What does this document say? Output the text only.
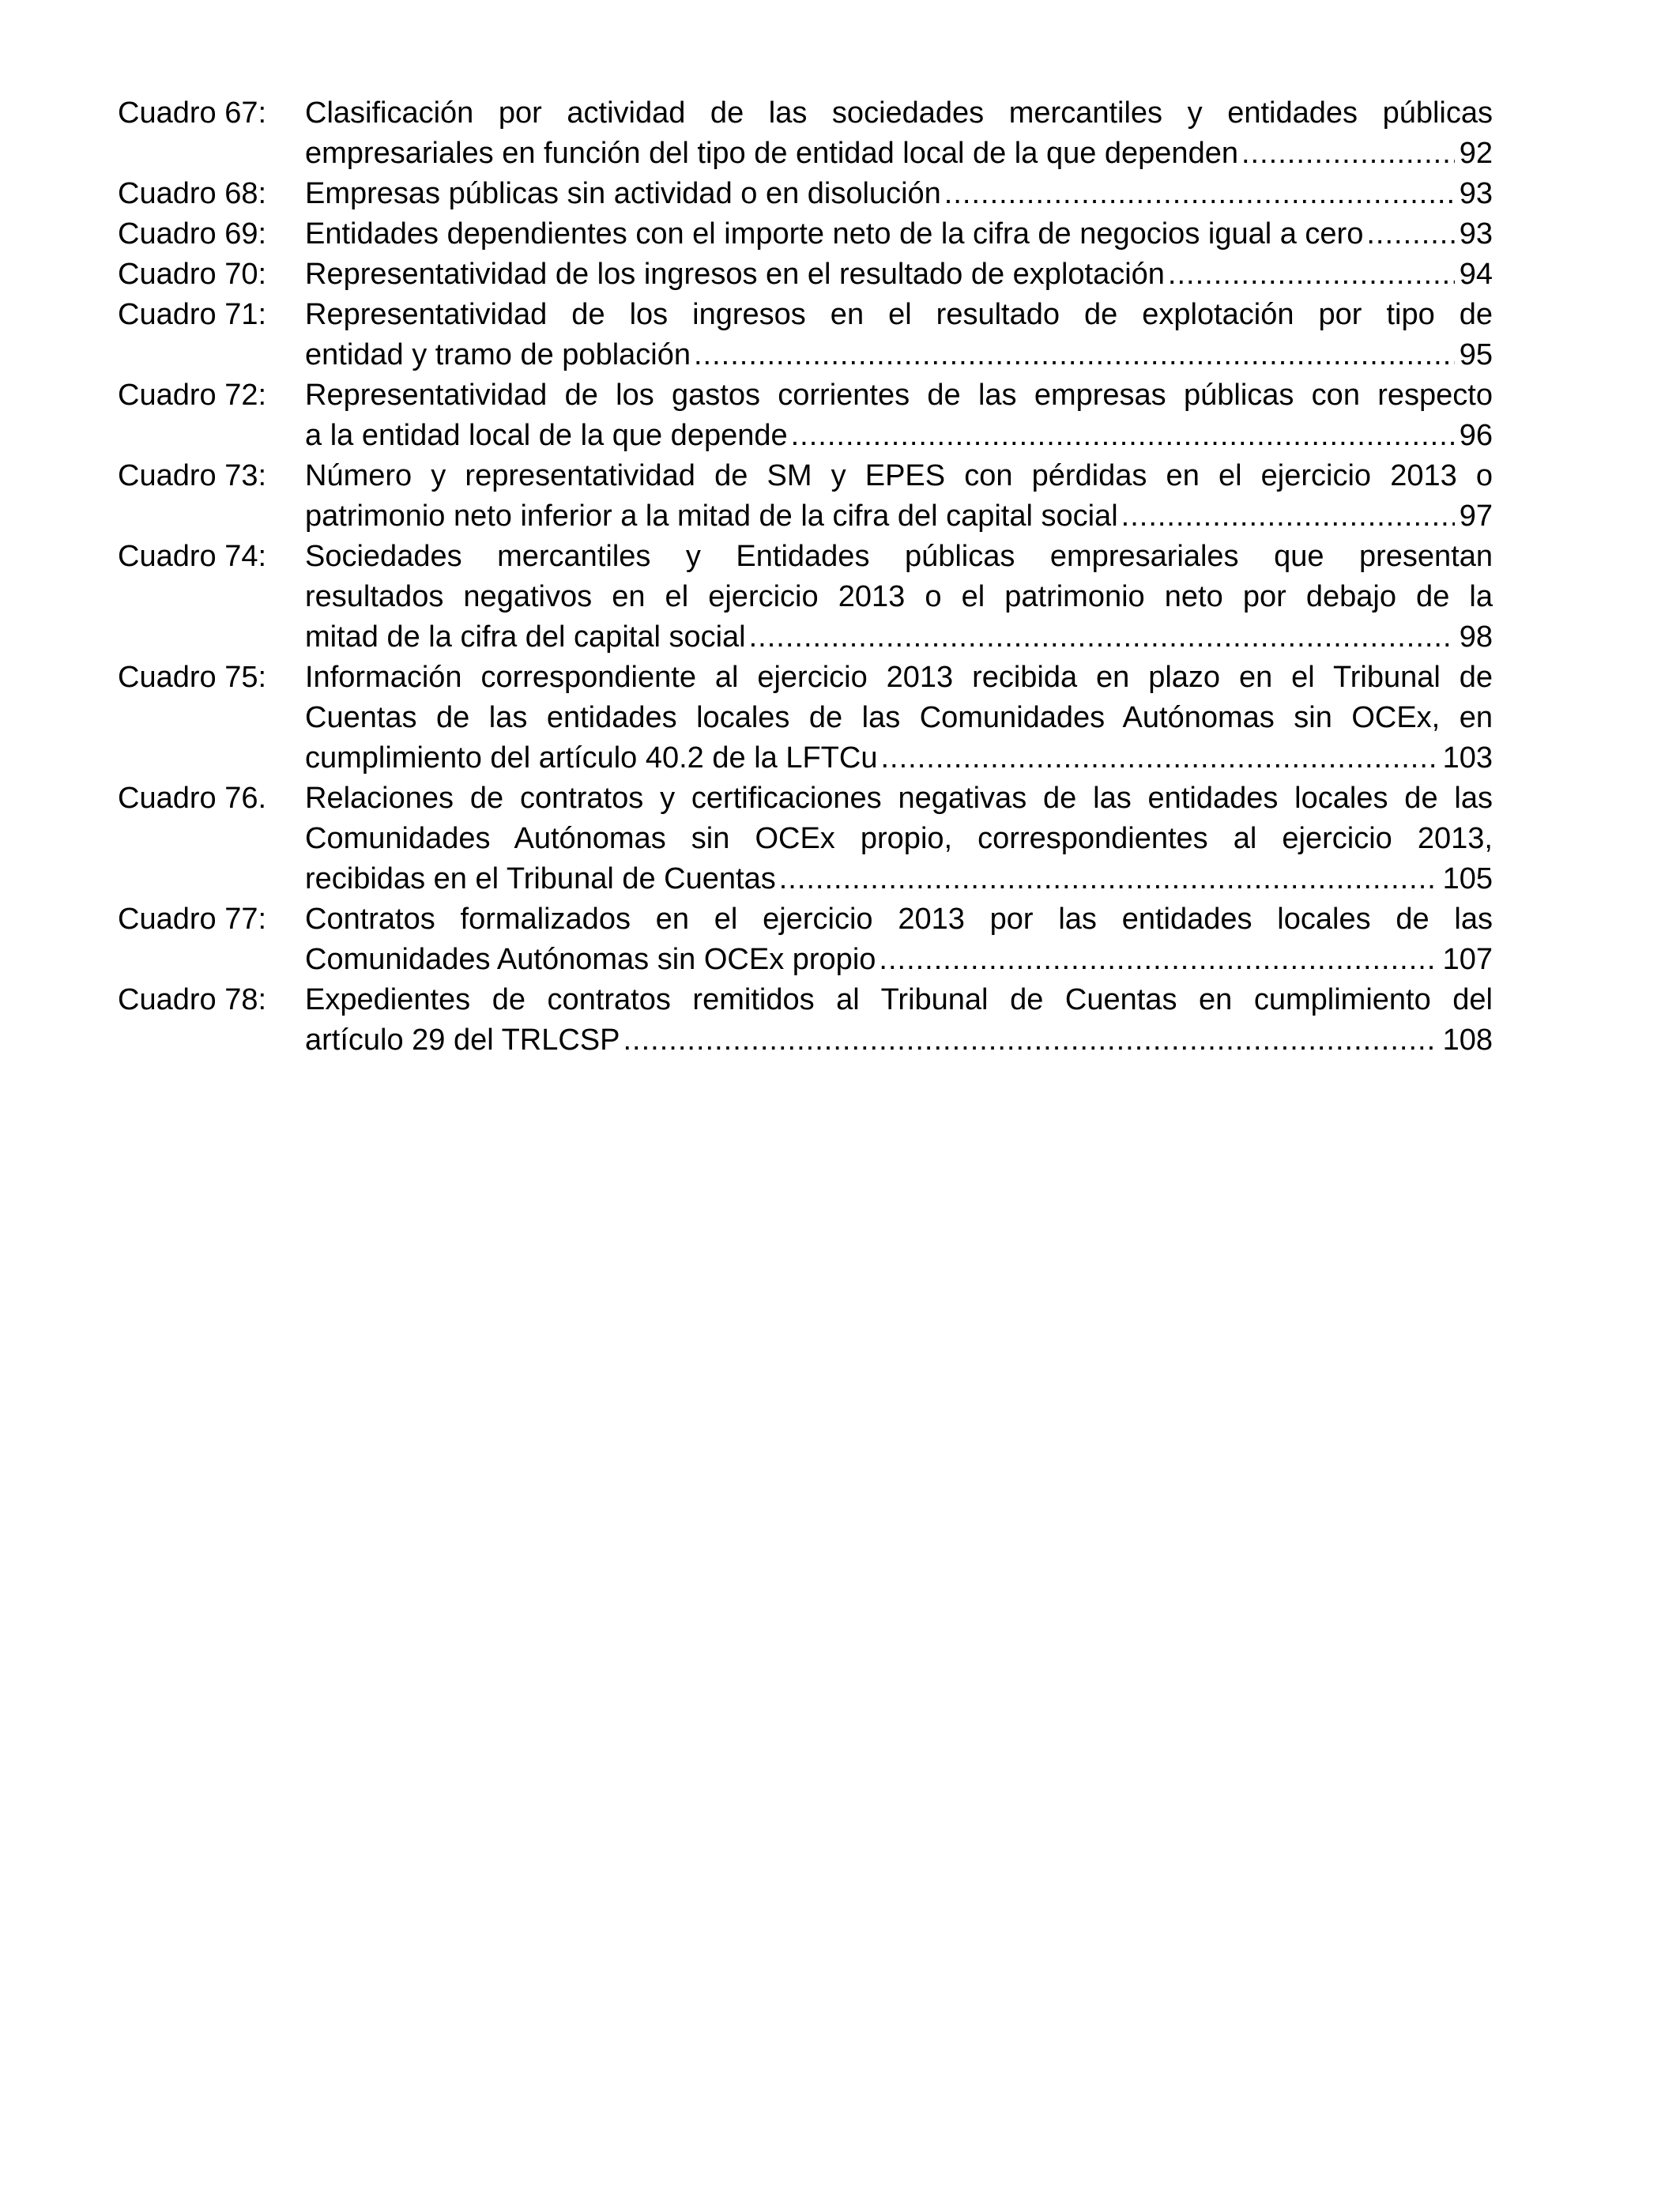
Cuadro 67: Clasificación por actividad de las sociedades mercantiles y entidades públicas
empresariales en función del tipo de entidad local de la que dependen .....	92
Cuadro 68: Empresas públicas sin actividad o en disolución .....	93
Cuadro 69: Entidades dependientes con el importe neto de la cifra de negocios igual a cero .....	93
Cuadro 70: Representatividad de los ingresos en el resultado de explotación .....	94
Cuadro 71: Representatividad de los ingresos en el resultado de explotación por tipo de
entidad y tramo de población .....	95
Cuadro 72: Representatividad de los gastos corrientes de las empresas públicas con respecto
a la entidad local de la que depende .....	96
Cuadro 73: Número y representatividad de SM y EPES con pérdidas en el ejercicio 2013 o
patrimonio neto inferior a la mitad de la cifra del capital social .....	97
Cuadro 74: Sociedades mercantiles y Entidades públicas empresariales que presentan
resultados negativos en el ejercicio 2013 o el patrimonio neto por debajo de la
mitad de la cifra del capital social .....	98
Cuadro 75: Información correspondiente al ejercicio 2013 recibida en plazo en el Tribunal de
Cuentas de las entidades locales de las Comunidades Autónomas sin OCEx, en
cumplimiento del artículo 40.2 de la LFTCu .....	103
Cuadro 76. Relaciones de contratos y certificaciones negativas de las entidades locales de las
Comunidades Autónomas sin OCEx propio, correspondientes al ejercicio 2013,
recibidas en el Tribunal de Cuentas .....	105
Cuadro 77: Contratos formalizados en el ejercicio 2013 por las entidades locales de las
Comunidades Autónomas sin OCEx propio .....	107
Cuadro 78: Expedientes de contratos remitidos al Tribunal de Cuentas en cumplimiento del
artículo 29 del TRLCSP .....	108
